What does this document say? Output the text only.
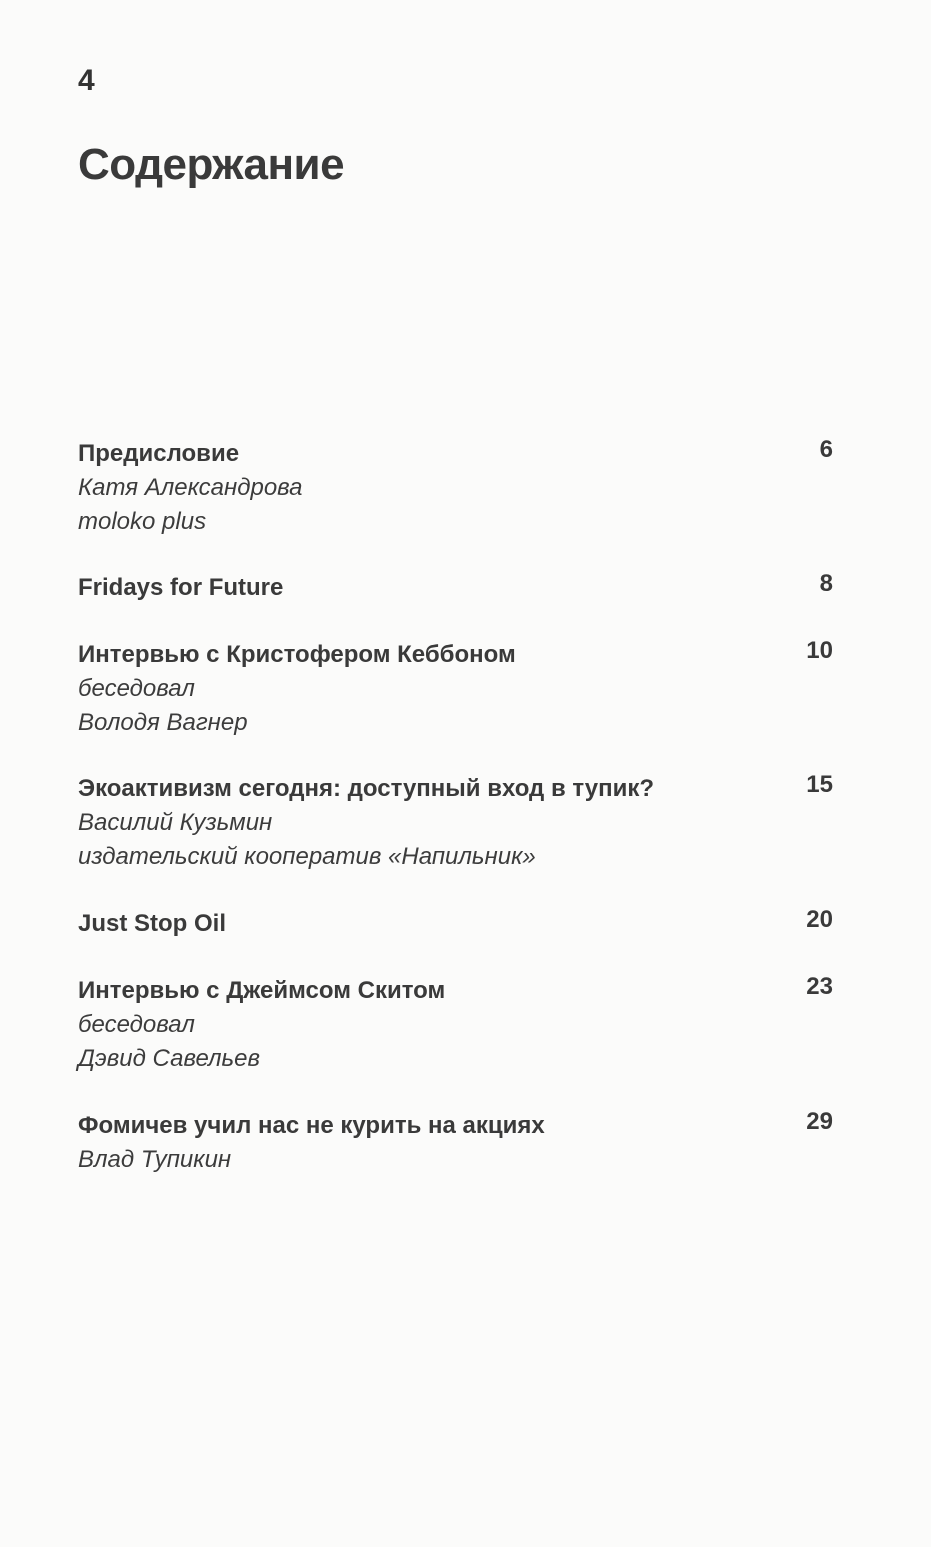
4
Содержание
Предисловие	6
Катя Александрова
moloko plus
Fridays for Future	8
Интервью с Кристофером Кеббоном	10
беседовал
Володя Вагнер
Экоактивизм сегодня: доступный вход в тупик?	15
Василий Кузьмин
издательский кооператив «Напильник»
Just Stop Oil	20
Интервью с Джеймсом Скитом	23
беседовал
Дэвид Савельев
Фомичев учил нас не курить на акциях	29
Влад Тупикин
